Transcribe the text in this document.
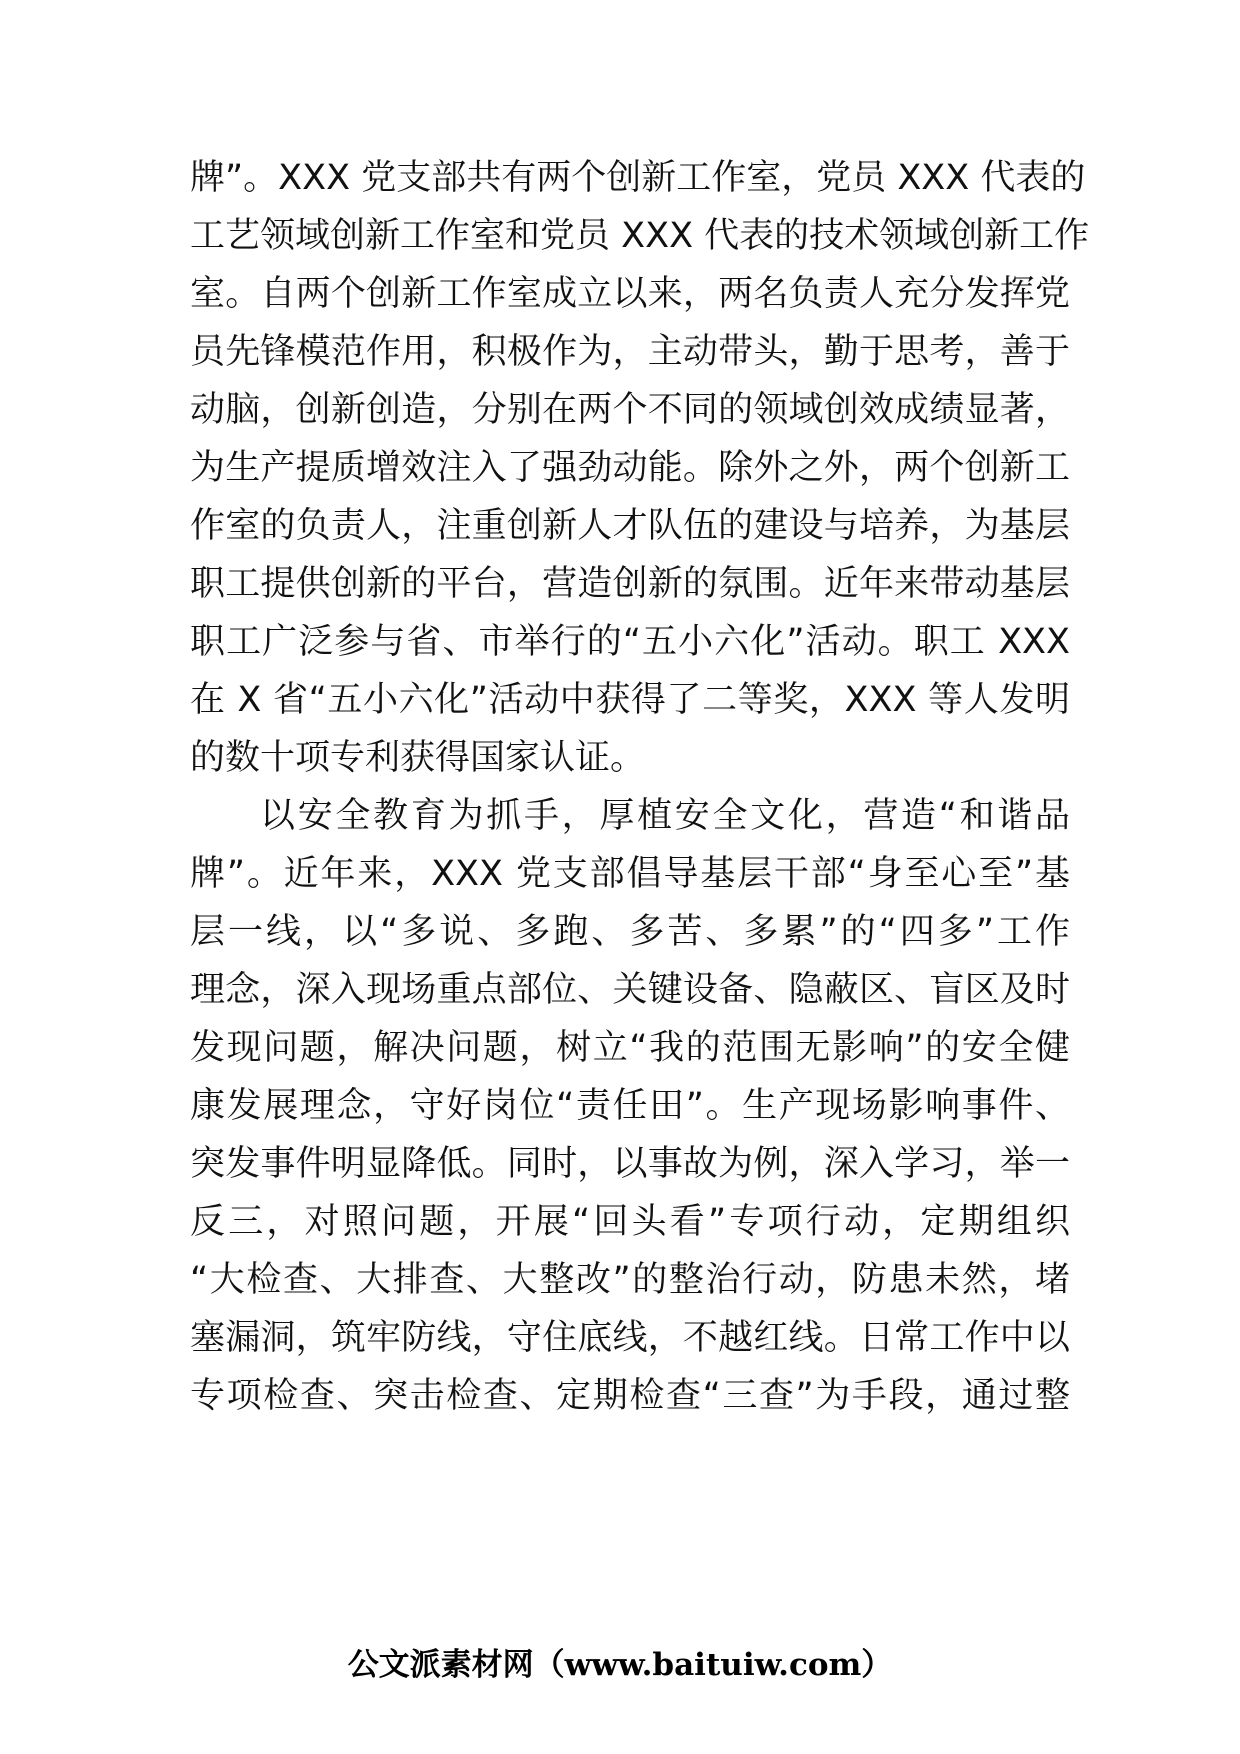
牌”。XXX 党支部共有两个创新工作室，党员 XXX 代表的
工艺领域创新工作室和党员 XXX 代表的技术领域创新工作
室。自两个创新工作室成立以来，两名负责人充分发挥党
员先锋模范作用，积极作为，主动带头，勤于思考，善于
动脑，创新创造，分别在两个不同的领域创效成绩显著，
为生产提质增效注入了强劲动能。除外之外，两个创新工
作室的负责人，注重创新人才队伍的建设与培养，为基层
职工提供创新的平台，营造创新的氛围。近年来带动基层
职工广泛参与省、市举行的“五小六化”活动。职工 XXX
在 X 省“五小六化”活动中获得了二等奖，XXX 等人发明
的数十项专利获得国家认证。
以安全教育为抓手，厚植安全文化，营造“和谐品
牌”。近年来，XXX 党支部倡导基层干部“身至心至”基
层一线，以“多说、多跑、多苦、多累”的“四多”工作
理念，深入现场重点部位、关键设备、隐蔽区、盲区及时
发现问题，解决问题，树立“我的范围无影响”的安全健
康发展理念，守好岗位“责任田”。生产现场影响事件、
突发事件明显降低。同时，以事故为例，深入学习，举一
反三，对照问题，开展“回头看”专项行动，定期组织
“大检查、大排查、大整改”的整治行动，防患未然，堵
塞漏洞，筑牢防线，守住底线，不越红线。日常工作中以
专项检查、突击检查、定期检查“三查”为手段，通过整
公文派素材网（www.baituiw.com）
